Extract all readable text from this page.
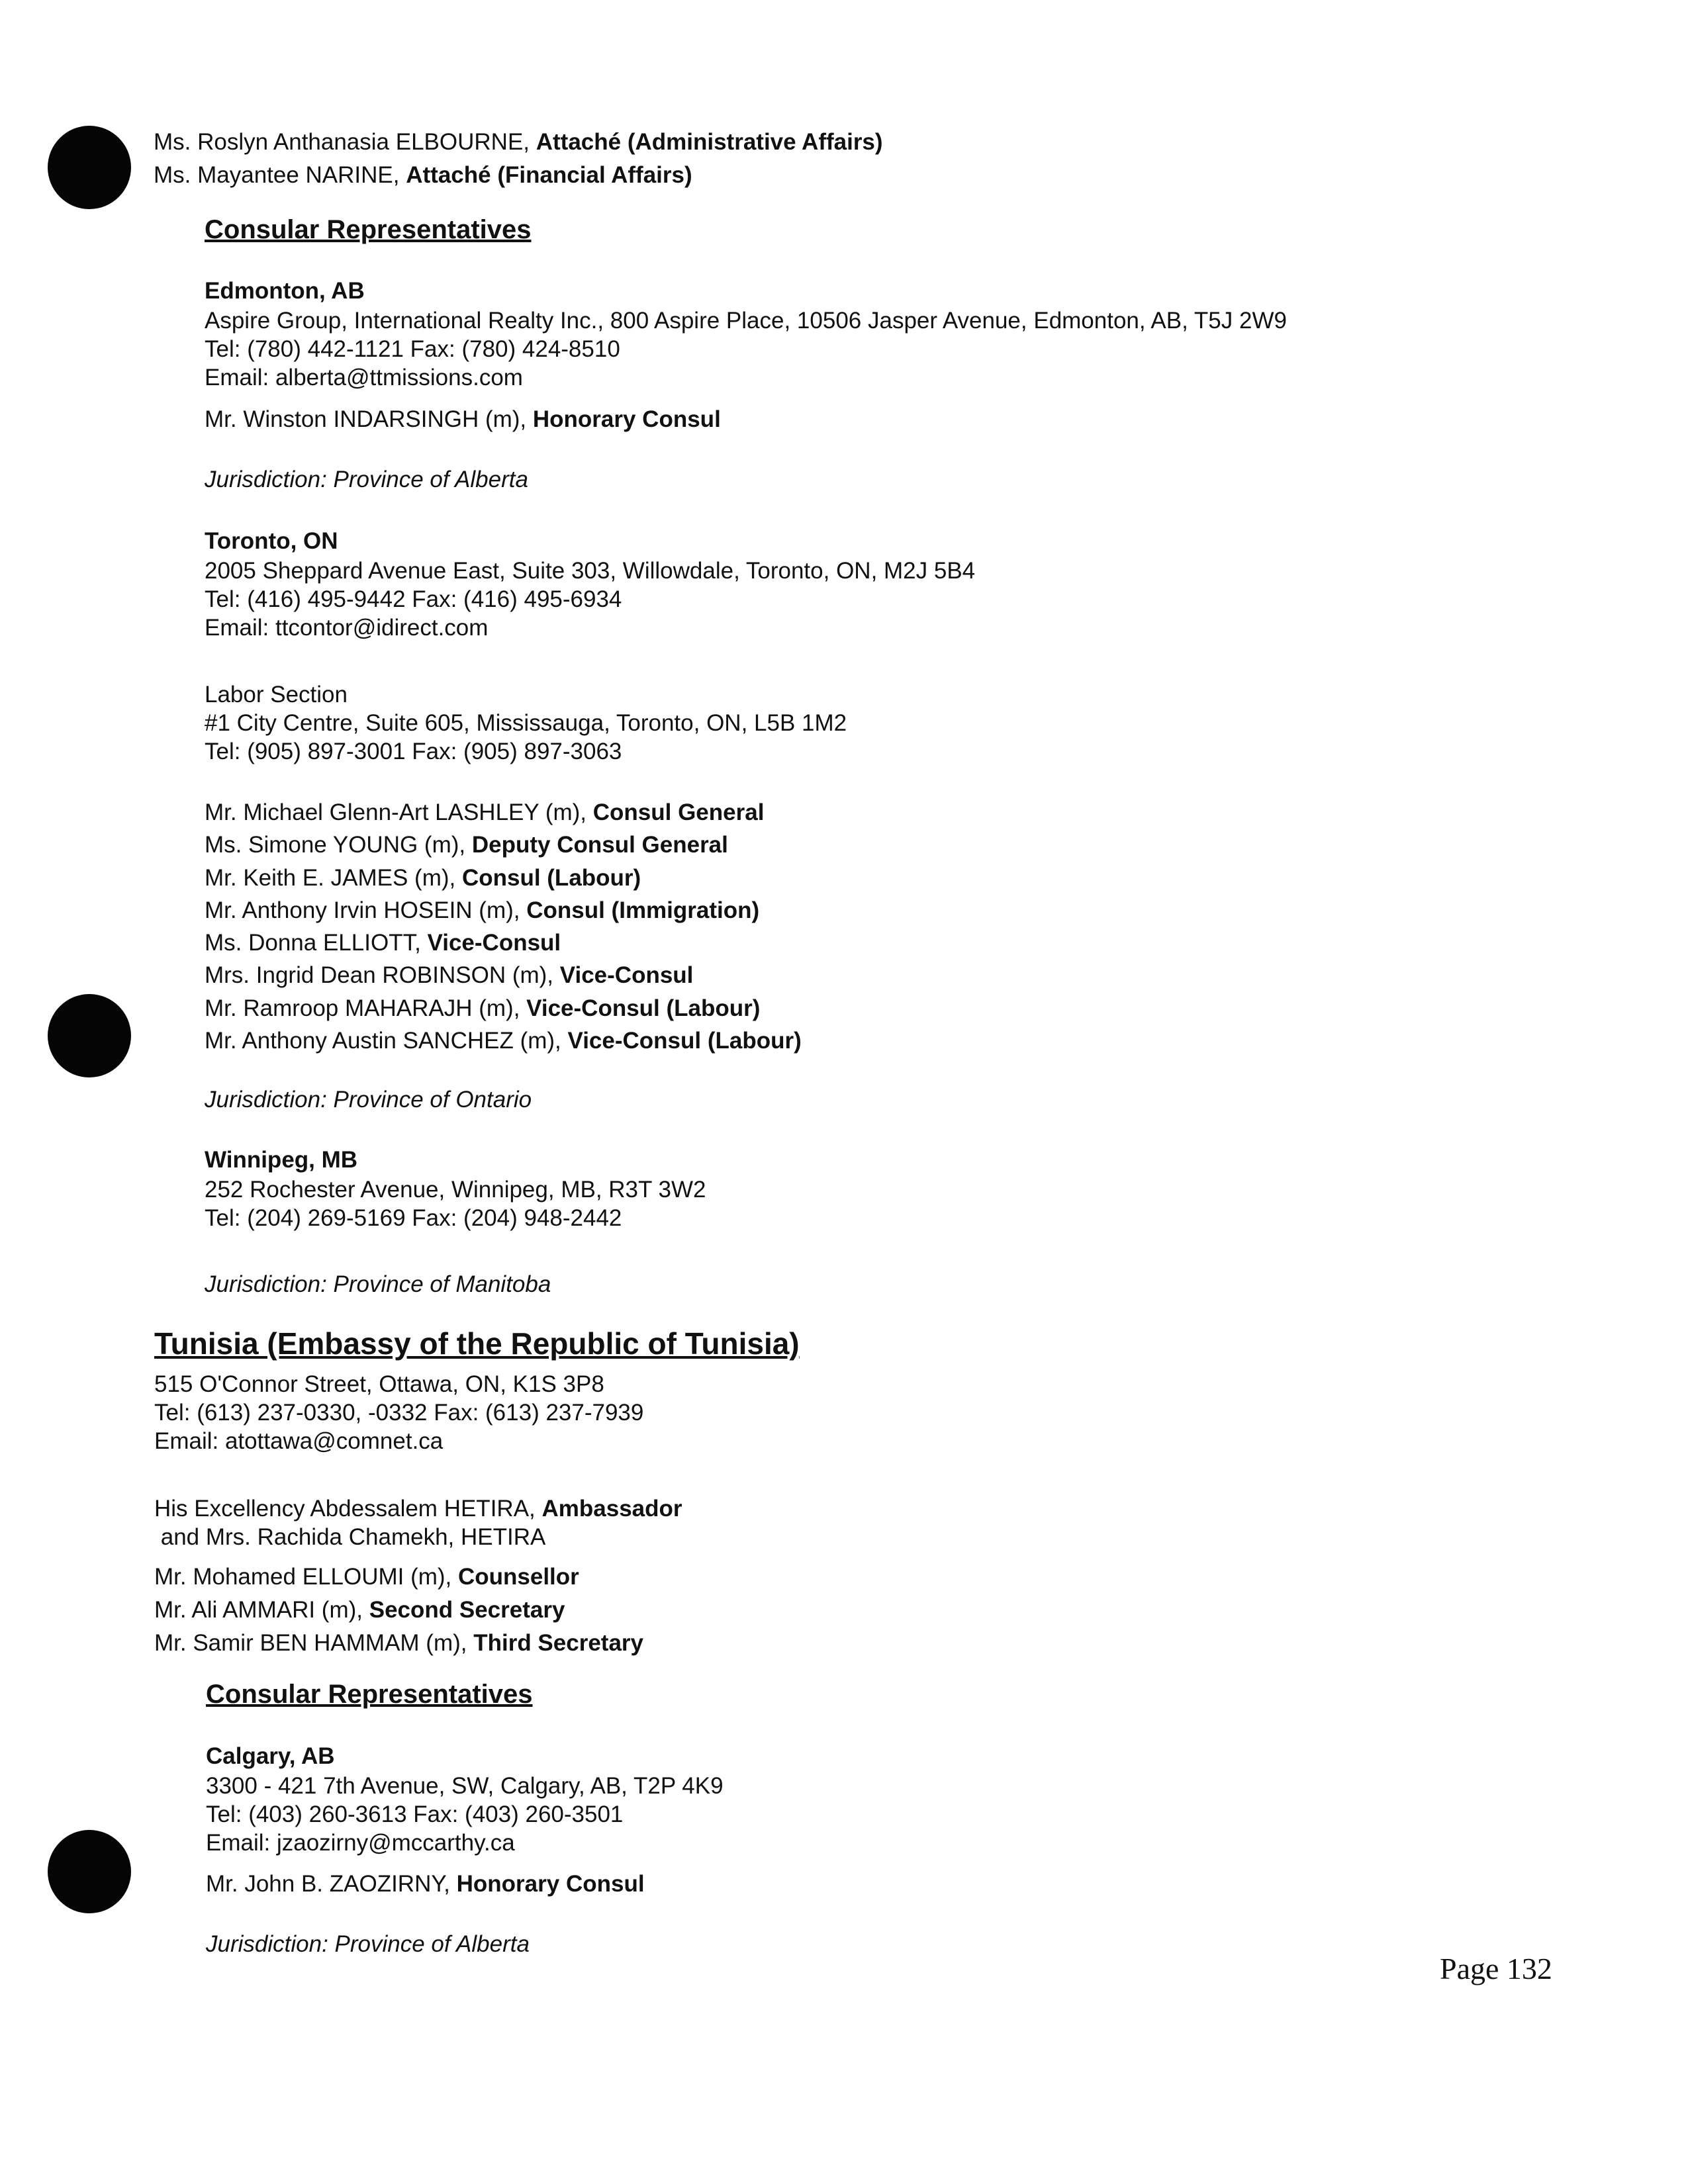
Ms. Roslyn Anthanasia ELBOURNE, Attaché (Administrative Affairs)
Ms. Mayantee NARINE, Attaché (Financial Affairs)
Consular Representatives
Edmonton, AB
Aspire Group, International Realty Inc., 800 Aspire Place, 10506 Jasper Avenue, Edmonton, AB, T5J 2W9
Tel: (780) 442-1121 Fax: (780) 424-8510
Email: alberta@ttmissions.com
Mr. Winston INDARSINGH (m), Honorary Consul
Jurisdiction: Province of Alberta
Toronto, ON
2005 Sheppard Avenue East, Suite 303, Willowdale, Toronto, ON, M2J 5B4
Tel: (416) 495-9442 Fax: (416) 495-6934
Email: ttcontor@idirect.com
Labor Section
#1 City Centre, Suite 605, Mississauga, Toronto, ON, L5B 1M2
Tel: (905) 897-3001 Fax: (905) 897-3063
Mr. Michael Glenn-Art LASHLEY (m), Consul General
Ms. Simone YOUNG (m), Deputy Consul General
Mr. Keith E. JAMES (m), Consul (Labour)
Mr. Anthony Irvin HOSEIN (m), Consul (Immigration)
Ms. Donna ELLIOTT, Vice-Consul
Mrs. Ingrid Dean ROBINSON (m), Vice-Consul
Mr. Ramroop MAHARAJH (m), Vice-Consul (Labour)
Mr. Anthony Austin SANCHEZ (m), Vice-Consul (Labour)
Jurisdiction: Province of Ontario
Winnipeg, MB
252 Rochester Avenue, Winnipeg, MB, R3T 3W2
Tel: (204) 269-5169 Fax: (204) 948-2442
Jurisdiction: Province of Manitoba
Tunisia (Embassy of the Republic of Tunisia)
515 O'Connor Street, Ottawa, ON, K1S 3P8
Tel: (613) 237-0330, -0332 Fax: (613) 237-7939
Email: atottawa@comnet.ca
His Excellency Abdessalem HETIRA, Ambassador
and Mrs. Rachida Chamekh, HETIRA
Mr. Mohamed ELLOUMI (m), Counsellor
Mr. Ali AMMARI (m), Second Secretary
Mr. Samir BEN HAMMAM (m), Third Secretary
Consular Representatives
Calgary, AB
3300 - 421 7th Avenue, SW, Calgary, AB, T2P 4K9
Tel: (403) 260-3613 Fax: (403) 260-3501
Email: jzaozirny@mccarthy.ca
Mr. John B. ZAOZIRNY, Honorary Consul
Jurisdiction: Province of Alberta
Page 132
